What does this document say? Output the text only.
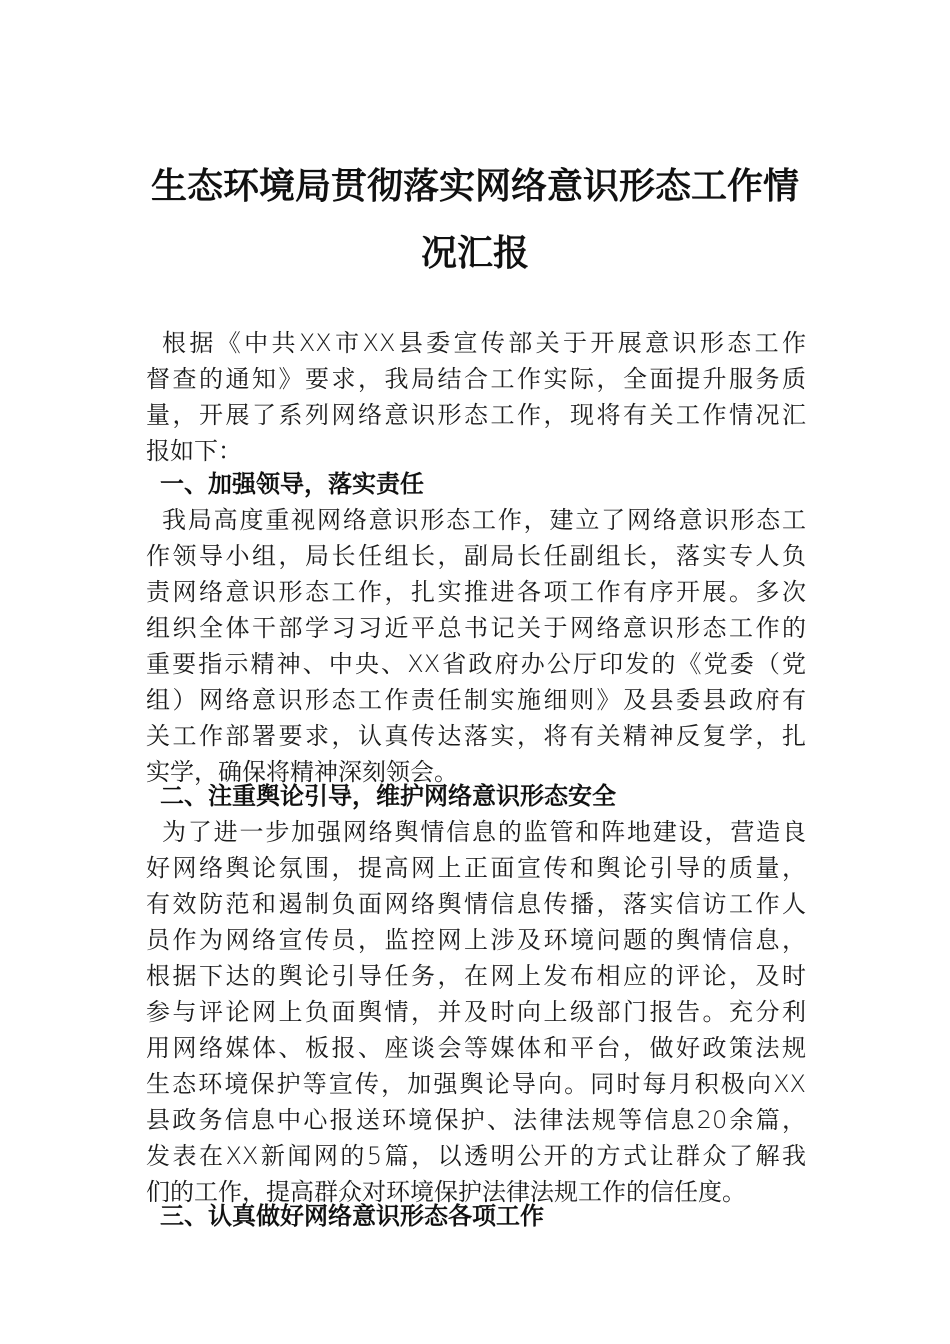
生态环境局贯彻落实网络意识形态工作情
况汇报
根据《中共XX市XX县委宣传部关于开展意识形态工作
督查的通知》要求，我局结合工作实际，全面提升服务质
量，开展了系列网络意识形态工作，现将有关工作情况汇
报如下：
一、加强领导，落实责任
我局高度重视网络意识形态工作，建立了网络意识形态工
作领导小组，局长任组长，副局长任副组长，落实专人负
责网络意识形态工作，扎实推进各项工作有序开展。多次
组织全体干部学习习近平总书记关于网络意识形态工作的
重要指示精神、中央、XX省政府办公厅印发的《党委（党
组）网络意识形态工作责任制实施细则》及县委县政府有
关工作部署要求，认真传达落实，将有关精神反复学，扎
实学，确保将精神深刻领会。
二、注重舆论引导，维护网络意识形态安全
为了进一步加强网络舆情信息的监管和阵地建设，营造良
好网络舆论氛围，提高网上正面宣传和舆论引导的质量，
有效防范和遏制负面网络舆情信息传播，落实信访工作人
员作为网络宣传员，监控网上涉及环境问题的舆情信息，
根据下达的舆论引导任务，在网上发布相应的评论，及时
参与评论网上负面舆情，并及时向上级部门报告。充分利
用网络媒体、板报、座谈会等媒体和平台，做好政策法规
生态环境保护等宣传，加强舆论导向。同时每月积极向XX
县政务信息中心报送环境保护、法律法规等信息20余篇，
发表在XX新闻网的5篇，以透明公开的方式让群众了解我
们的工作，提高群众对环境保护法律法规工作的信任度。
三、认真做好网络意识形态各项工作
